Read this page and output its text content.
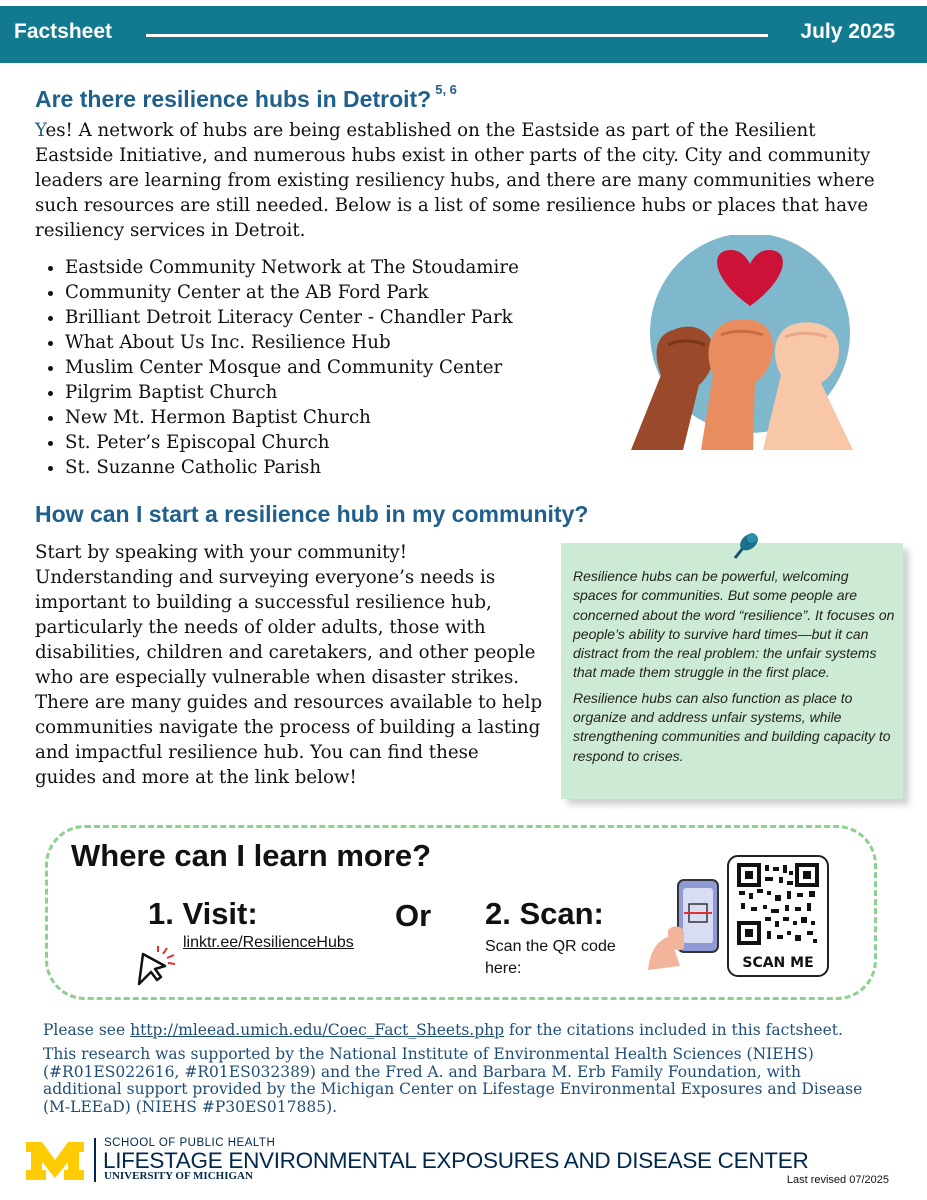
Factsheet	July 2025
Are there resilience hubs in Detroit? $^{5, 6}$
Yes! A network of hubs are being established on the Eastside as part of the Resilient Eastside Initiative, and numerous hubs exist in other parts of the city. City and community leaders are learning from existing resiliency hubs, and there are many communities where such resources are still needed. Below is a list of some resilience hubs or places that have resiliency services in Detroit.
• Eastside Community Network at The Stoudamire
• Community Center at the AB Ford Park
• Brilliant Detroit Literacy Center - Chandler Park
• What About Us Inc. Resilience Hub
• Muslim Center Mosque and Community Center
• Pilgrim Baptist Church
• New Mt. Hermon Baptist Church
• St. Peter’s Episcopal Church
• St. Suzanne Catholic Parish
How can I start a resilience hub in my community?
Start by speaking with your community! Understanding and surveying everyone’s needs is important to building a successful resilience hub, particularly the needs of older adults, those with disabilities, children and caretakers, and other people who are especially vulnerable when disaster strikes. There are many guides and resources available to help communities navigate the process of building a lasting and impactful resilience hub. You can find these guides and more at the link below!

Resilience hubs can be powerful, welcoming spaces for communities. But some people are concerned about the word “resilience”. It focuses on people’s ability to survive hard times—but it can distract from the real problem: the unfair systems that made them struggle in the first place.

Resilience hubs can also function as place to organize and address unfair systems, while strengthening communities and building capacity to respond to crises.

Where can I learn more?
1. Visit:
linktr.ee/ResilienceHubs
Or 2. Scan:
Scan the QR code here:	SCAN ME
Please see http://mleead.umich.edu/Coec_Fact_Sheets.php for the citations included in this factsheet.
This research was supported by the National Institute of Environmental Health Sciences (NIEHS) (#R01ES022616, #R01ES032389) and the Fred A. and Barbara M. Erb Family Foundation, with additional support provided by the Michigan Center on Lifestage Environmental Exposures and Disease (M-LEEaD) (NIEHS #P30ES017885).
SCHOOL OF PUBLIC HEALTH
LIFESTAGE ENVIRONMENTAL EXPOSURES AND DISEASE CENTER
UNIVERSITY OF MICHIGAN	Last revised 07/2025
